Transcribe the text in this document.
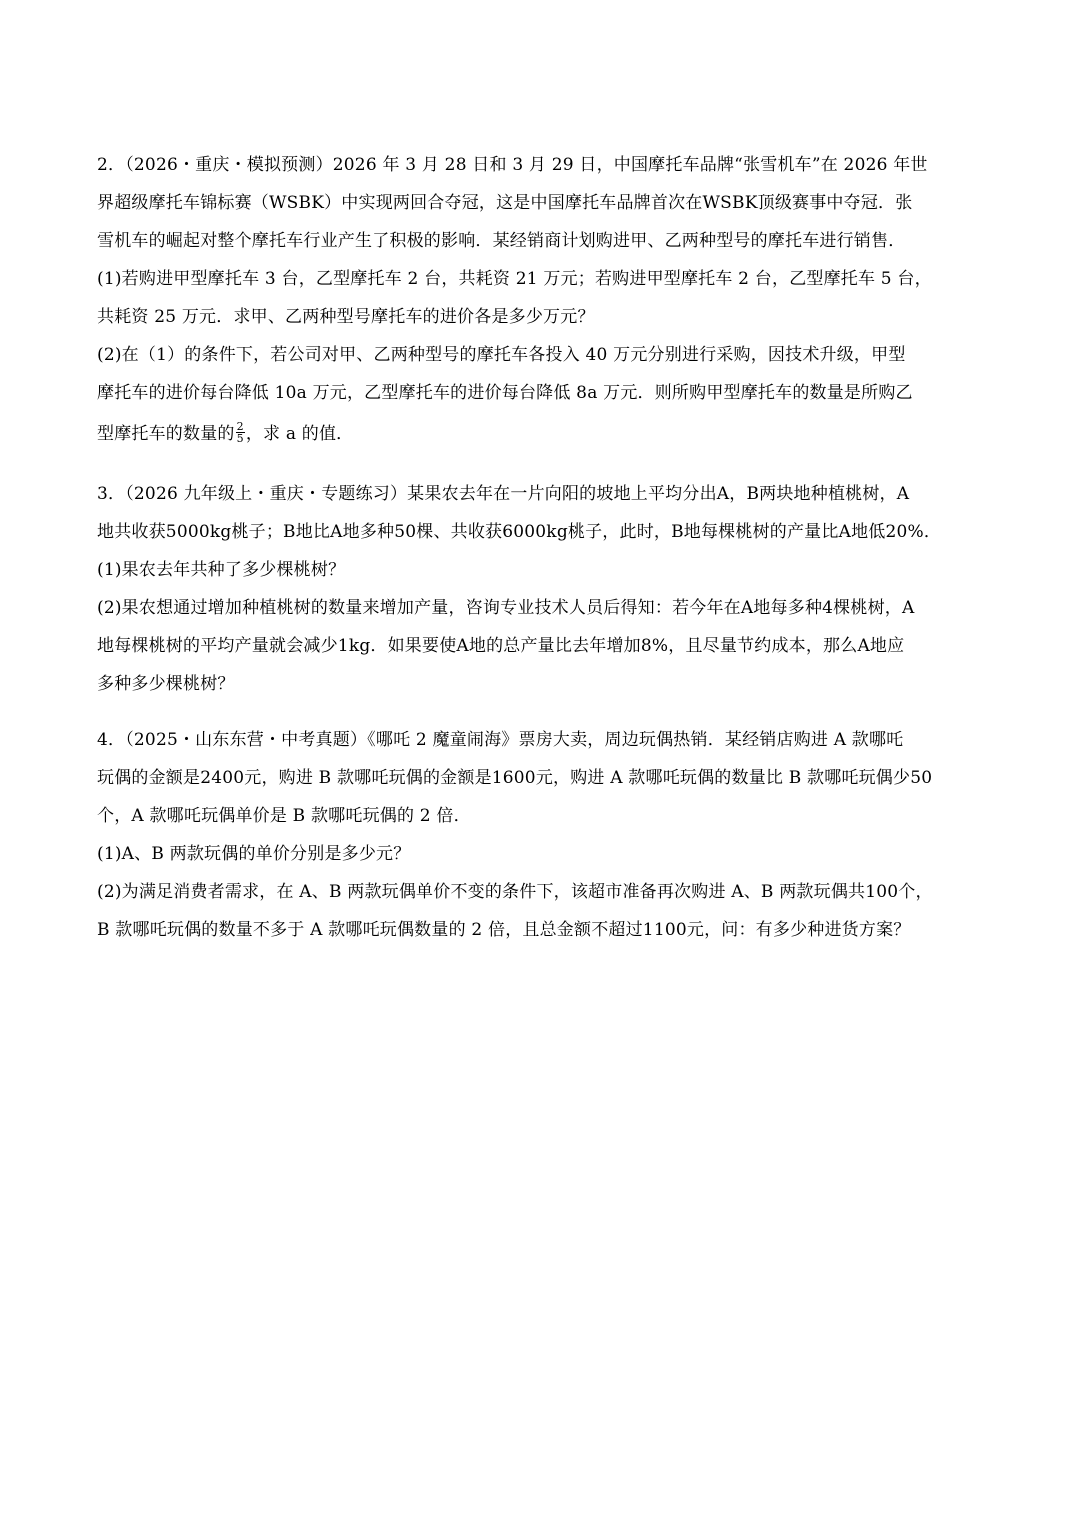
2．（2026・重庆・模拟预测）2026 年 3 月 28 日和 3 月 29 日，中国摩托车品牌“张雪机车”在 2026 年世
界超级摩托车锦标赛（WSBK）中实现两回合夺冠，这是中国摩托车品牌首次在WSBK顶级赛事中夺冠．张
雪机车的崛起对整个摩托车行业产生了积极的影响．某经销商计划购进甲、乙两种型号的摩托车进行销售．
(1)若购进甲型摩托车 3 台，乙型摩托车 2 台，共耗资 21 万元；若购进甲型摩托车 2 台，乙型摩托车 5 台，
共耗资 25 万元．求甲、乙两种型号摩托车的进价各是多少万元？
(2)在（1）的条件下，若公司对甲、乙两种型号的摩托车各投入 40 万元分别进行采购，因技术升级，甲型
摩托车的进价每台降低 10a 万元，乙型摩托车的进价每台降低 8a 万元．则所购甲型摩托车的数量是所购乙
型摩托车的数量的 $\frac{2}{5}$ ，求 a 的值．
3．（2026 九年级上・重庆・专题练习）某果农去年在一片向阳的坡地上平均分出A，B两块地种植桃树，A
地共收获5000kg桃子；B地比A地多种50棵、共收获6000kg桃子，此时，B地每棵桃树的产量比A地低20%．
(1)果农去年共种了多少棵桃树？
(2)果农想通过增加种植桃树的数量来增加产量，咨询专业技术人员后得知：若今年在A地每多种4棵桃树，A
地每棵桃树的平均产量就会减少1kg．如果要使A地的总产量比去年增加8%，且尽量节约成本，那么A地应
多种多少棵桃树？
4．（2025・山东东营・中考真题）《哪吒 2 魔童闹海》票房大卖，周边玩偶热销．某经销店购进 A 款哪吒
玩偶的金额是2400元，购进 B 款哪吒玩偶的金额是1600元，购进 A 款哪吒玩偶的数量比 B 款哪吒玩偶少50
个，A 款哪吒玩偶单价是 B 款哪吒玩偶的 2 倍．
(1)A、B 两款玩偶的单价分别是多少元？
(2)为满足消费者需求，在 A、B 两款玩偶单价不变的条件下，该超市准备再次购进 A、B 两款玩偶共100个，
B 款哪吒玩偶的数量不多于 A 款哪吒玩偶数量的 2 倍，且总金额不超过1100元，问：有多少种进货方案？
